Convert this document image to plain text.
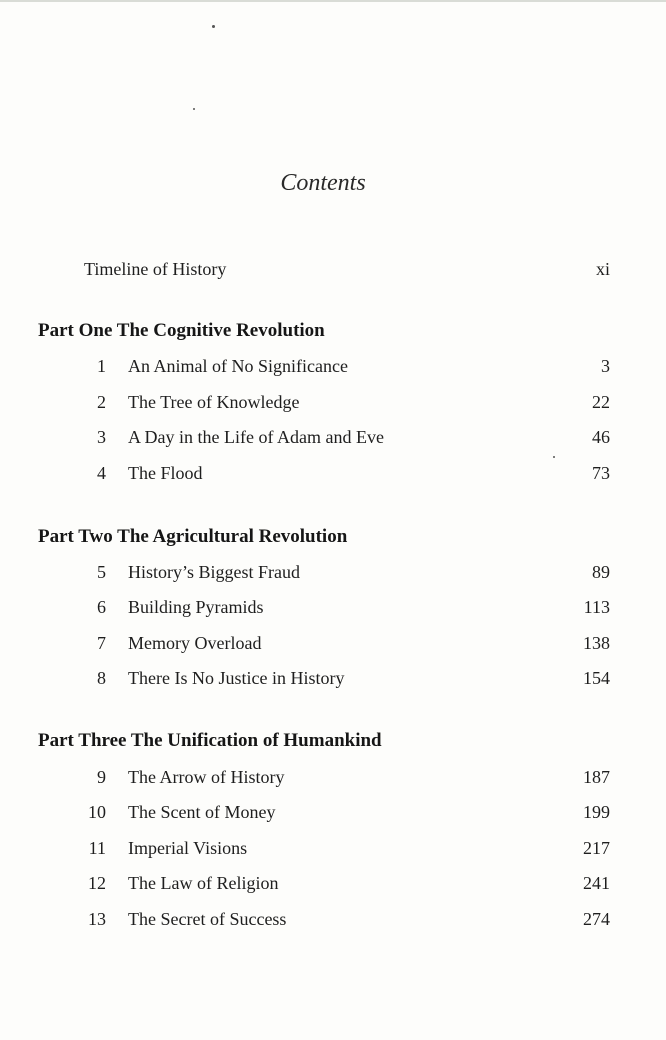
Contents
Timeline of History	xi
Part One The Cognitive Revolution
1 An Animal of No Significance	3
2 The Tree of Knowledge	22
3 A Day in the Life of Adam and Eve	46
4 The Flood	73
Part Two The Agricultural Revolution
5 History’s Biggest Fraud	89
6 Building Pyramids	113
7 Memory Overload	138
8 There Is No Justice in History	154
Part Three The Unification of Humankind
9 The Arrow of History	187
10 The Scent of Money	199
11 Imperial Visions	217
12 The Law of Religion	241
13 The Secret of Success	274
